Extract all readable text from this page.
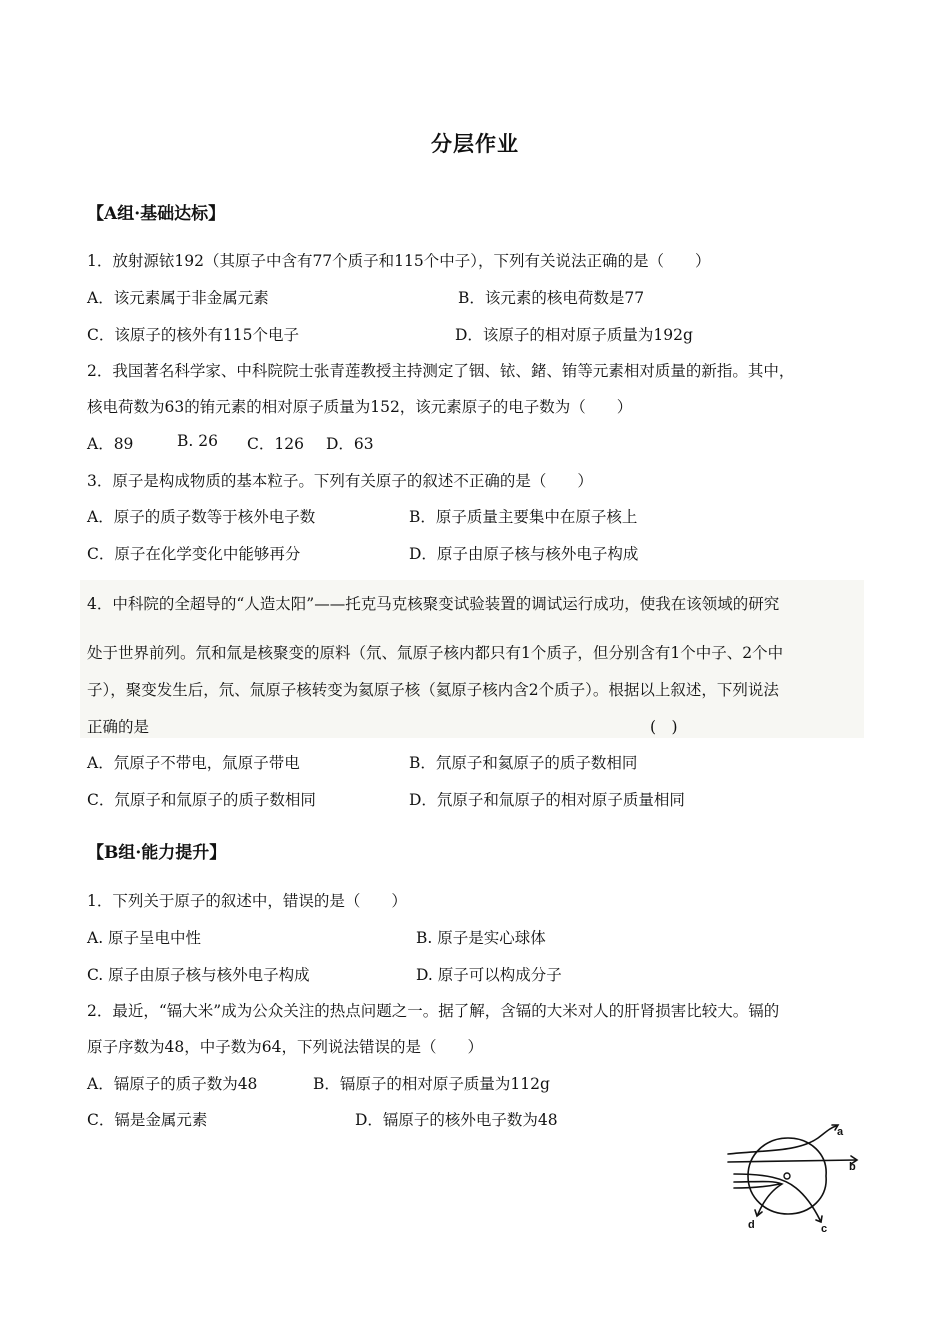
分层作业
【A组·基础达标】
1．放射源铱192（其原子中含有77个质子和115个中子），下列有关说法正确的是（　　）
A．该元素属于非金属元素	B．该元素的核电荷数是77
C．该原子的核外有115个电子	D．该原子的相对原子质量为192g
2．我国著名科学家、中科院院士张青莲教授主持测定了铟、铱、鍺、铕等元素相对质量的新指。其中，
核电荷数为63的铕元素的相对原子质量为152，该元素原子的电子数为（　　）
A．89	B. 26 C．126 D．63
3．原子是构成物质的基本粒子。下列有关原子的叙述不正确的是（　　）
A．原子的质子数等于核外电子数	B．原子质量主要集中在原子核上
C．原子在化学变化中能够再分	D．原子由原子核与核外电子构成
4．中科院的全超导的“人造太阳”——托克马克核聚变试验装置的调试运行成功，使我在该领域的研究
处于世界前列。氘和氚是核聚变的原料（氘、氚原子核内都只有1个质子，但分别含有1个中子、2个中
子），聚变发生后，氘、氚原子核转变为氦原子核（氦原子核内含2个质子）。根据以上叙述，下列说法
正确的是	(　)
A．氘原子不带电，氚原子带电	B．氘原子和氦原子的质子数相同
C．氘原子和氚原子的质子数相同	D．氘原子和氚原子的相对原子质量相同
【B组·能力提升】
1．下列关于原子的叙述中，错误的是（　　）
A. 原子呈电中性	B. 原子是实心球体
C. 原子由原子核与核外电子构成	D. 原子可以构成分子
2．最近，“镉大米”成为公众关注的热点问题之一。据了解，含镉的大米对人的肝肾损害比较大。镉的
原子序数为48，中子数为64，下列说法错误的是（　　）
A．镉原子的质子数为48	B．镉原子的相对原子质量为112g
C．镉是金属元素	D．镉原子的核外电子数为48
a
b
c
d
